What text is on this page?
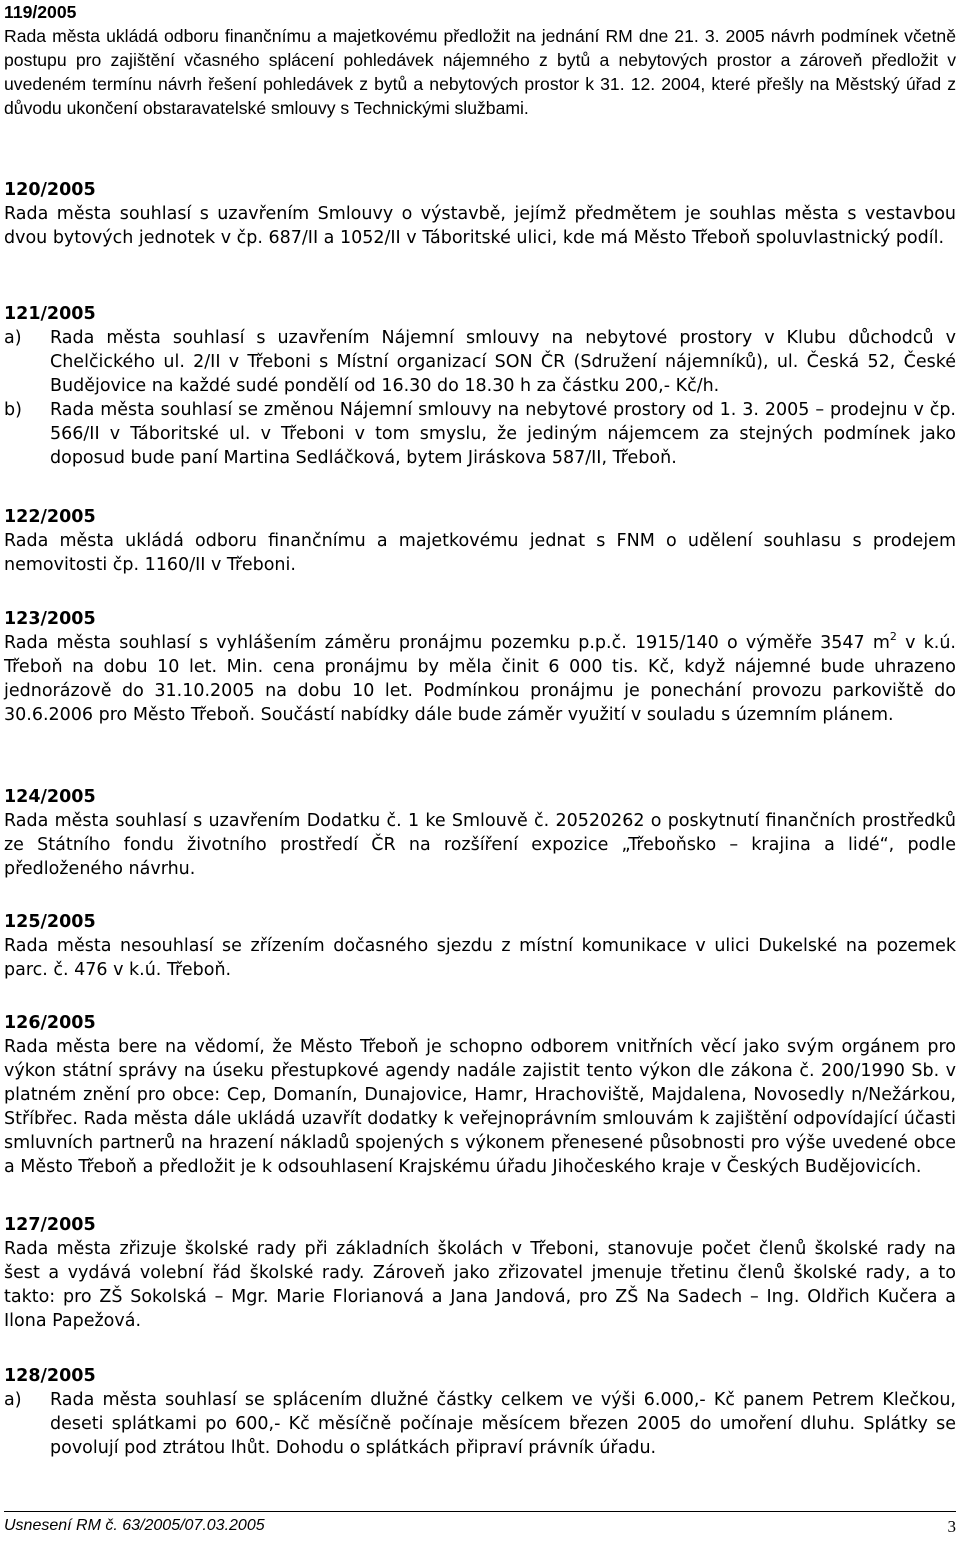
119/2005
Rada města ukládá odboru finančnímu a majetkovému předložit na jednání RM dne 21. 3. 2005 návrh podmínek včetně postupu pro zajištění včasného splácení pohledávek nájemného z bytů a nebytových prostor a zároveň předložit v uvedeném termínu návrh řešení pohledávek z bytů a nebytových prostor k 31. 12. 2004, které přešly na Městský úřad z důvodu ukončení obstaravatelské smlouvy s Technickými službami.
120/2005
Rada města souhlasí s uzavřením Smlouvy o výstavbě, jejímž předmětem je souhlas města s vestavbou dvou bytových jednotek v čp. 687/II a 1052/II v Táboritské ulici, kde má Město Třeboň spoluvlastnický podíl.
121/2005
a)	Rada města souhlasí s uzavřením Nájemní smlouvy na nebytové prostory v Klubu důchodců v Chelčického ul. 2/II v Třeboni s Místní organizací SON ČR (Sdružení nájemníků), ul. Česká 52, České Budějovice na každé sudé pondělí od 16.30 do 18.30 h za částku 200,- Kč/h.
b)	Rada města souhlasí se změnou Nájemní smlouvy na nebytové prostory od 1. 3. 2005 – prodejnu v čp. 566/II v Táboritské ul. v Třeboni v tom smyslu, že jediným nájemcem za stejných podmínek jako doposud bude paní Martina Sedláčková, bytem Jiráskova 587/II, Třeboň.
122/2005
Rada města ukládá odboru finančnímu a majetkovému jednat s FNM o udělení souhlasu s prodejem nemovitosti čp. 1160/II v Třeboni.
123/2005
Rada města souhlasí s vyhlášením záměru pronájmu pozemku p.p.č. 1915/140 o výměře 3547 $m^2$ v k.ú. Třeboň na dobu 10 let. Min. cena pronájmu by měla činit 6 000 tis. Kč, když nájemné bude uhrazeno jednorázově do 31.10.2005 na dobu 10 let. Podmínkou pronájmu je ponechání provozu parkoviště do 30.6.2006 pro Město Třeboň. Součástí nabídky dále bude záměr využití v souladu s územním plánem.
124/2005
Rada města souhlasí s uzavřením Dodatku č. 1 ke Smlouvě č. 20520262 o poskytnutí finančních prostředků ze Státního fondu životního prostředí ČR na rozšíření expozice „Třeboňsko – krajina a lidé“, podle předloženého návrhu.
125/2005
Rada města nesouhlasí se zřízením dočasného sjezdu z místní komunikace v ulici Dukelské na pozemek parc. č. 476 v k.ú. Třeboň.
126/2005
Rada města bere na vědomí, že Město Třeboň je schopno odborem vnitřních věcí jako svým orgánem pro výkon státní správy na úseku přestupkové agendy nadále zajistit tento výkon dle zákona č. 200/1990 Sb. v platném znění pro obce: Cep, Domanín, Dunajovice, Hamr, Hrachoviště, Majdalena, Novosedly n/Nežárkou, Stříbřec. Rada města dále ukládá uzavřít dodatky k veřejnoprávním smlouvám k zajištění odpovídající účasti smluvních partnerů na hrazení nákladů spojených s výkonem přenesené působnosti pro výše uvedené obce a Město Třeboň a předložit je k odsouhlasení Krajskému úřadu Jihočeského kraje v Českých Budějovicích.
127/2005
Rada města zřizuje školské rady při základních školách v Třeboni, stanovuje počet členů školské rady na šest a vydává volební řád školské rady. Zároveň jako zřizovatel jmenuje třetinu členů školské rady, a to takto: pro ZŠ Sokolská – Mgr. Marie Florianová a Jana Jandová, pro ZŠ Na Sadech – Ing. Oldřich Kučera a Ilona Papežová.
128/2005
a)	Rada města souhlasí se splácením dlužné částky celkem ve výši 6.000,- Kč panem Petrem Klečkou, deseti splátkami po 600,- Kč měsíčně počínaje měsícem březen 2005 do umoření dluhu. Splátky se povolují pod ztrátou lhůt. Dohodu o splátkách připraví právník úřadu.
Usnesení RM č. 63/2005/07.03.2005	3
